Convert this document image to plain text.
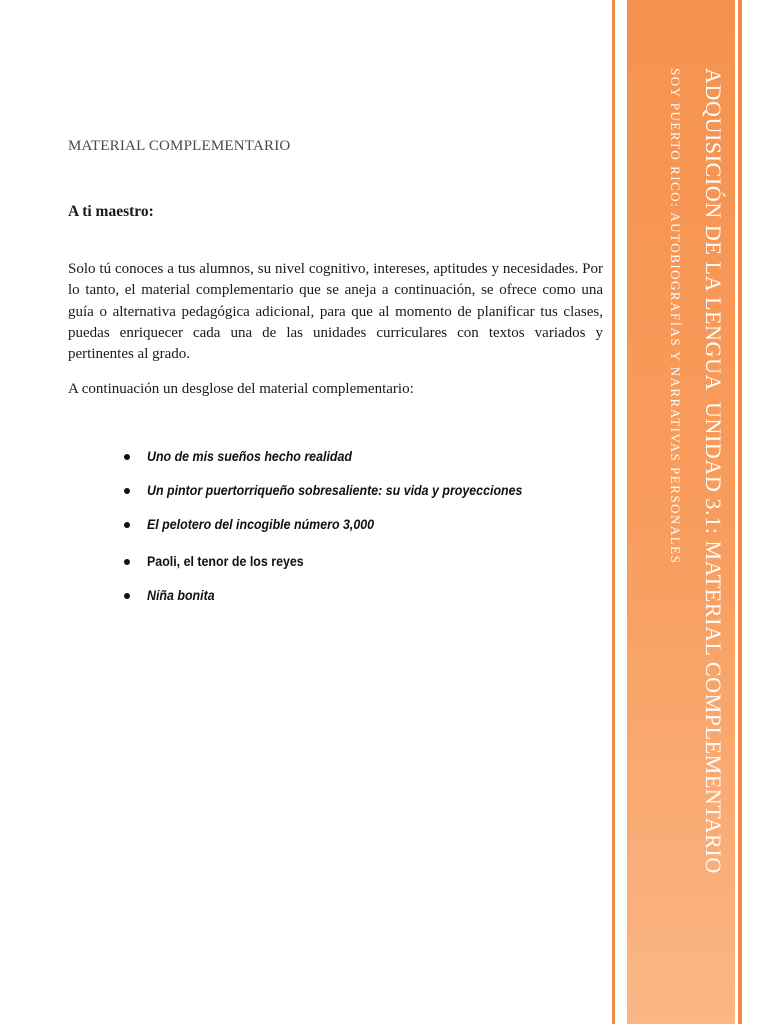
MATERIAL COMPLEMENTARIO
A ti maestro:

Solo tú conoces a tus alumnos, su nivel cognitivo, intereses, aptitudes y necesidades. Por lo tanto, el material complementario que se aneja a continuación, se ofrece como una guía o alternativa pedagógica adicional, para que al momento de planificar tus clases, puedas enriquecer cada una de las unidades curriculares con textos variados y pertinentes al grado.

A continuación un desglose del material complementario:

Uno de mis sueños hecho realidad
Un pintor puertorriqueño sobresaliente: su vida y proyecciones
El pelotero del incogible número 3,000
Paoli, el tenor de los reyes
Niña bonita	ADQUISICIÓN DE LA LENGUA  UNIDAD 3.1: MATERIAL COMPLEMENTARIO
SOY PUERTO RICO: AUTOBIOGRAFÍAS Y NARRATIVAS PERSONALES
